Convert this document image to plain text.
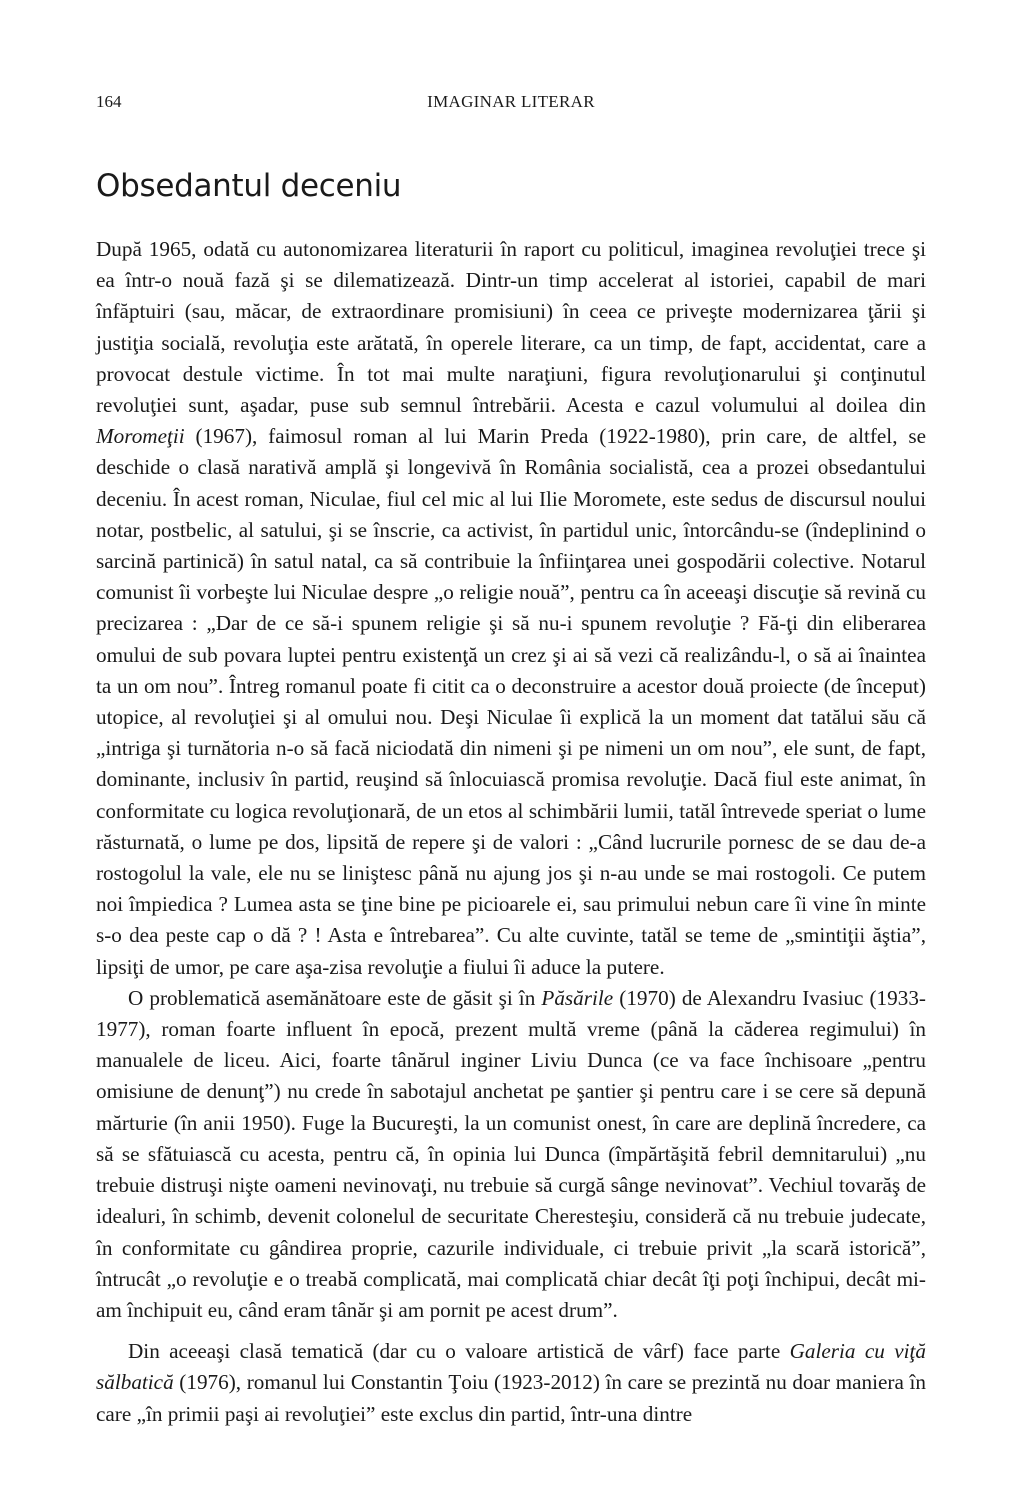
164	IMAGINAR LITERAR
Obsedantul deceniu

După 1965, odată cu autonomizarea literaturii în raport cu politicul, imaginea revoluţiei trece şi ea într-o nouă fază şi se dilematizează. Dintr-un timp accelerat al istoriei, capabil de mari înfăptuiri (sau, măcar, de extraordinare promisiuni) în ceea ce priveşte modernizarea ţării şi justiţia socială, revoluţia este arătată, în operele literare, ca un timp, de fapt, accidentat, care a provocat destule victime. În tot mai multe naraţiuni, figura revoluţionarului şi conţinutul revoluţiei sunt, aşadar, puse sub semnul întrebării. Acesta e cazul volumului al doilea din Moromeţii (1967), faimosul roman al lui Marin Preda (1922-1980), prin care, de altfel, se deschide o clasă narativă amplă şi longevivă în România socialistă, cea a prozei obsedantului deceniu. În acest roman, Niculae, fiul cel mic al lui Ilie Moromete, este sedus de discursul noului notar, postbelic, al satului, şi se înscrie, ca activist, în partidul unic, întorcându-se (îndeplinind o sarcină partinică) în satul natal, ca să contribuie la înfiinţarea unei gospodării colective. Notarul comunist îi vorbeşte lui Niculae despre „o religie nouă”, pentru ca în aceeaşi discuţie să revină cu precizarea : „Dar de ce să-i spunem religie şi să nu-i spunem revoluţie ? Fă-ţi din eliberarea omului de sub povara luptei pentru existenţă un crez şi ai să vezi că realizându-l, o să ai înaintea ta un om nou”. Întreg romanul poate fi citit ca o deconstruire a acestor două proiecte (de început) utopice, al revoluţiei şi al omului nou. Deşi Niculae îi explică la un moment dat tatălui său că „intriga şi turnătoria n-o să facă niciodată din nimeni şi pe nimeni un om nou”, ele sunt, de fapt, dominante, inclusiv în partid, reuşind să înlocuiască promisa revoluţie. Dacă fiul este animat, în conformitate cu logica revoluţionară, de un etos al schimbării lumii, tatăl întrevede speriat o lume răsturnată, o lume pe dos, lipsită de repere şi de valori : „Când lucrurile pornesc de se dau de-a rostogolul la vale, ele nu se liniştesc până nu ajung jos şi n-au unde se mai rostogoli. Ce putem noi împiedica ? Lumea asta se ţine bine pe picioarele ei, sau primului nebun care îi vine în minte s-o dea peste cap o dă ? ! Asta e întrebarea”. Cu alte cuvinte, tatăl se teme de „smintiţii ăştia”, lipsiţi de umor, pe care aşa-zisa revoluţie a fiului îi aduce la putere.

O problematică asemănătoare este de găsit şi în Păsările (1970) de Alexandru Ivasiuc (1933-1977), roman foarte influent în epocă, prezent multă vreme (până la căderea regimului) în manualele de liceu. Aici, foarte tânărul inginer Liviu Dunca (ce va face închisoare „pentru omisiune de denunţ”) nu crede în sabotajul anchetat pe şantier şi pentru care i se cere să depună mărturie (în anii 1950). Fuge la Bucureşti, la un comunist onest, în care are deplină încredere, ca să se sfătuiască cu acesta, pentru că, în opinia lui Dunca (împărtăşită febril demnitarului) „nu trebuie distruşi nişte oameni nevinovaţi, nu trebuie să curgă sânge nevinovat”. Vechiul tovarăş de idealuri, în schimb, devenit colonelul de securitate Cheresteşiu, consideră că nu trebuie judecate, în conformitate cu gândirea proprie, cazurile individuale, ci trebuie privit „la scară istorică”, întrucât „o revoluţie e o treabă complicată, mai complicată chiar decât îţi poţi închipui, decât mi-am închipuit eu, când eram tânăr şi am pornit pe acest drum”.

Din aceeaşi clasă tematică (dar cu o valoare artistică de vârf) face parte Galeria cu viţă sălbatică (1976), romanul lui Constantin Ţoiu (1923-2012) în care se prezintă nu doar maniera în care „în primii paşi ai revoluţiei” este exclus din partid, într-una dintre
